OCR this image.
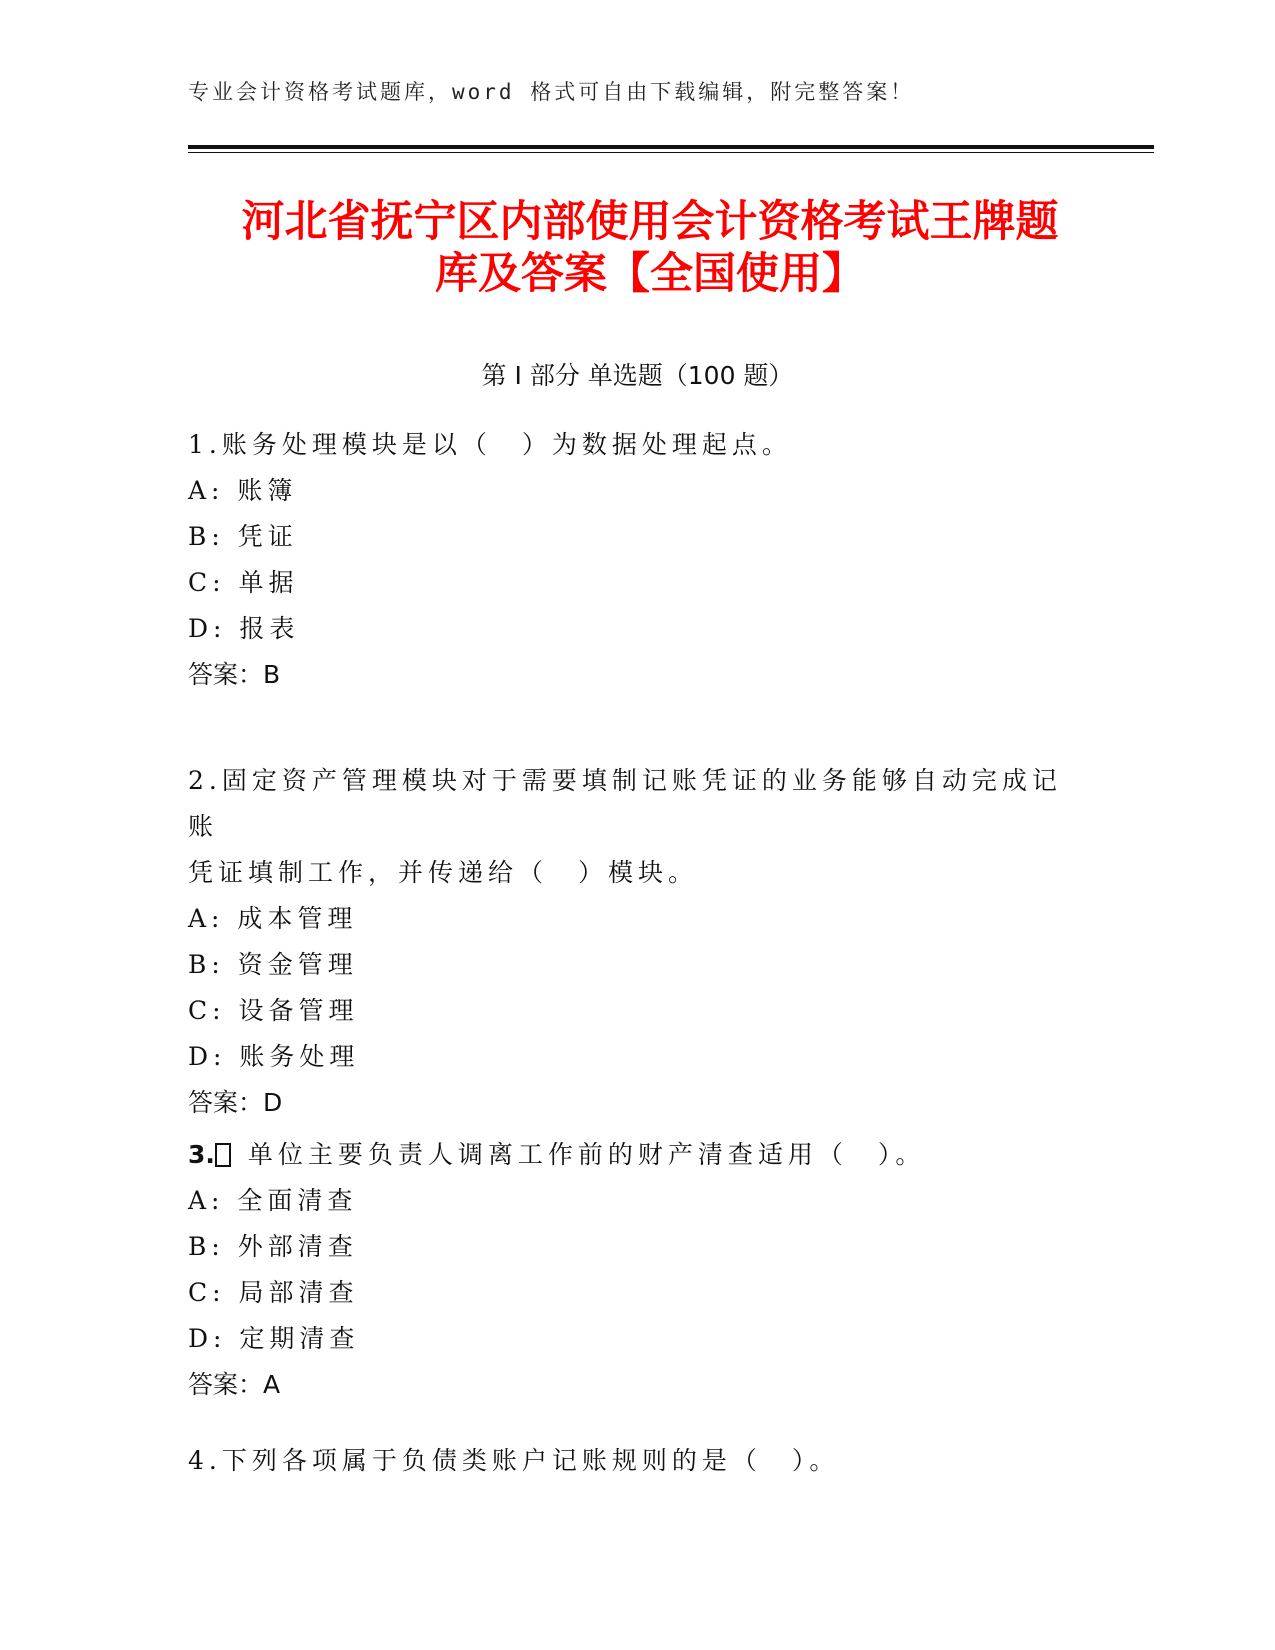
专业会计资格考试题库，word 格式可自由下载编辑，附完整答案！
河北省抚宁区内部使用会计资格考试王牌题
库及答案【全国使用】
第 I 部分 单选题（100 题）
1.账务处理模块是以（　）为数据处理起点。
A: 账簿
B: 凭证
C: 单据
D: 报表
答案：B
2.固定资产管理模块对于需要填制记账凭证的业务能够自动完成记账
凭证填制工作，并传递给（　）模块。
A: 成本管理
B: 资金管理
C: 设备管理
D: 账务处理
答案：D
3. 单位主要负责人调离工作前的财产清查适用（　）。
A: 全面清查
B: 外部清查
C: 局部清查
D: 定期清查
答案：A
4.下列各项属于负债类账户记账规则的是（　）。
